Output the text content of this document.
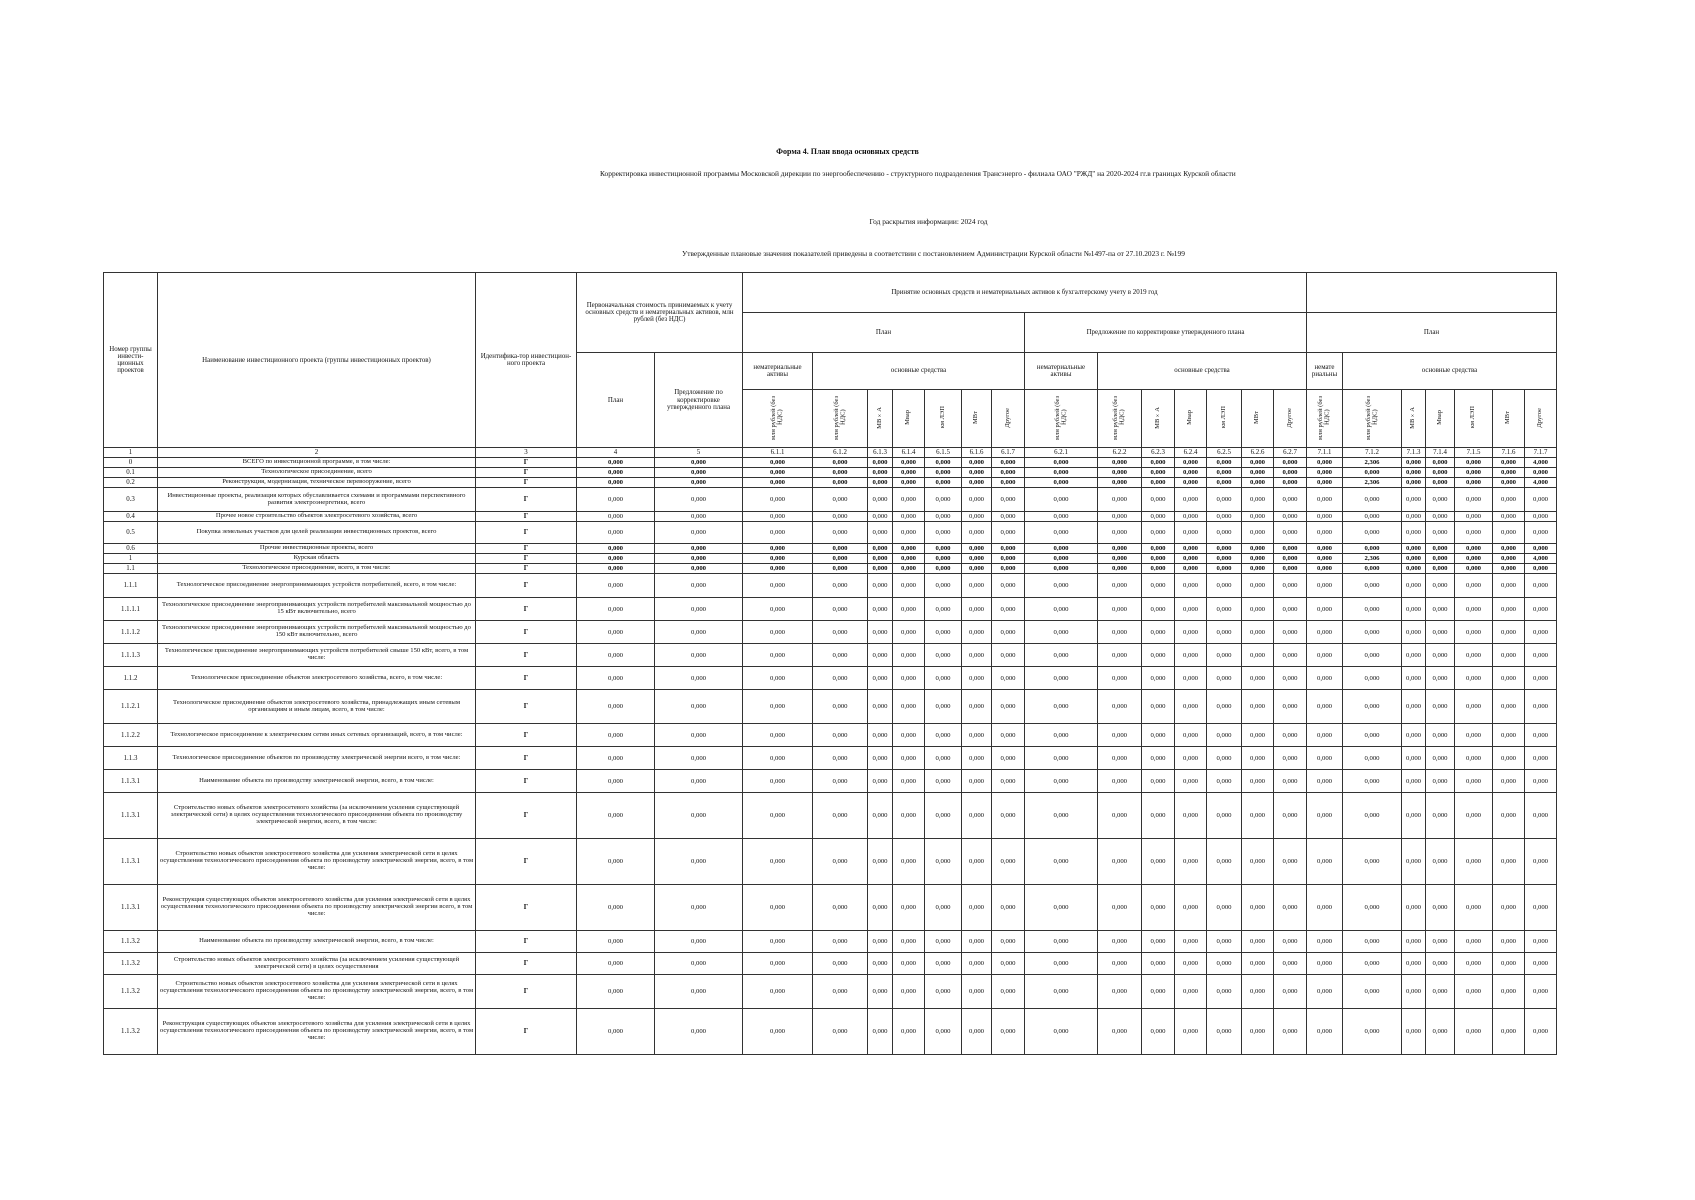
Форма 4. План ввода основных средств
Корректировка инвестиционной программы Московской дирекции по энергообеспечению - структурного подразделения Трансэнерго - филиала ОАО "РЖД" на 2020-2024 гг.в границах Курской области
Год раскрытия информации: 2024 год
Утвержденные плановые значения показателей приведены в соответствии с постановлением Администрации Курской области №1497-па от 27.10.2023 г. №199
Номер группы инвести-ционных проектов	Наименование инвестиционного проекта (группы инвестиционных проектов)	Идентифика-тор инвестицион-ного проекта	Первоначальная стоимость принимаемых к учету основных средств и нематериальных активов, млн рублей (без НДС)		Принятие основных средств и нематериальных активов к бухгалтерскому учету в 2019 год																				
					План							Предложение по корректировке утвержденного плана							План						
			План	Предложение по корректировке утвержденного плана	нематериальные активы	основные средства						нематериальные активы	основные средства						немате риальны	основные средства					
					млн рублей (без НДС)	млн рублей (без НДС)	МВ×А	Мвар	км ЛЭП	МВт	Другое	млн рублей (без НДС)	млн рублей (без НДС)	МВ×А	Мвар	км ЛЭП	МВт	Другое	млн рублей (без НДС)	млн рублей (без НДС)	МВ×А	Мвар	км ЛЭП	МВт	Другое
1	2	3	4	5	6.1.1	6.1.2	6.1.3	6.1.4	6.1.5	6.1.6	6.1.7	6.2.1	6.2.2	6.2.3	6.2.4	6.2.5	6.2.6	6.2.7	7.1.1	7.1.2	7.1.3	7.1.4	7.1.5	7.1.6	7.1.7
0	ВСЕГО по инвестиционной программе, в том числе:	Г	0,000	0,000	0,000	0,000	0,000	0,000	0,000	0,000	0,000	0,000	0,000	0,000	0,000	0,000	0,000	0,000	0,000	2,306	0,000	0,000	0,000	0,000	4,000
0.1	Технологическое присоединение, всего	Г	0,000	0,000	0,000	0,000	0,000	0,000	0,000	0,000	0,000	0,000	0,000	0,000	0,000	0,000	0,000	0,000	0,000	0,000	0,000	0,000	0,000	0,000	0,000
0.2	Реконструкция, модернизация, техническое перевооружение, всего	Г	0,000	0,000	0,000	0,000	0,000	0,000	0,000	0,000	0,000	0,000	0,000	0,000	0,000	0,000	0,000	0,000	0,000	2,306	0,000	0,000	0,000	0,000	4,000
0.3	Инвестиционные проекты, реализация которых обуславливается схемами и программами перспективного развития электроэнергетики, всего	Г	0,000	0,000	0,000	0,000	0,000	0,000	0,000	0,000	0,000	0,000	0,000	0,000	0,000	0,000	0,000	0,000	0,000	0,000	0,000	0,000	0,000	0,000	0,000
0.4	Прочее новое строительство объектов электросетевого хозяйства, всего	Г	0,000	0,000	0,000	0,000	0,000	0,000	0,000	0,000	0,000	0,000	0,000	0,000	0,000	0,000	0,000	0,000	0,000	0,000	0,000	0,000	0,000	0,000	0,000
0.5	Покупка земельных участков для целей реализации инвестиционных проектов, всего	Г	0,000	0,000	0,000	0,000	0,000	0,000	0,000	0,000	0,000	0,000	0,000	0,000	0,000	0,000	0,000	0,000	0,000	0,000	0,000	0,000	0,000	0,000	0,000
0.6	Прочие инвестиционные проекты, всего	Г	0,000	0,000	0,000	0,000	0,000	0,000	0,000	0,000	0,000	0,000	0,000	0,000	0,000	0,000	0,000	0,000	0,000	0,000	0,000	0,000	0,000	0,000	0,000
1	Курская область	Г	0,000	0,000	0,000	0,000	0,000	0,000	0,000	0,000	0,000	0,000	0,000	0,000	0,000	0,000	0,000	0,000	0,000	2,306	0,000	0,000	0,000	0,000	4,000
1.1	Технологическое присоединение, всего, в том числе:	Г	0,000	0,000	0,000	0,000	0,000	0,000	0,000	0,000	0,000	0,000	0,000	0,000	0,000	0,000	0,000	0,000	0,000	0,000	0,000	0,000	0,000	0,000	0,000
1.1.1	Технологическое присоединение энергопринимающих устройств потребителей, всего, в том числе:	Г	0,000	0,000	0,000	0,000	0,000	0,000	0,000	0,000	0,000	0,000	0,000	0,000	0,000	0,000	0,000	0,000	0,000	0,000	0,000	0,000	0,000	0,000	0,000
1.1.1.1	Технологическое присоединение энергопринимающих устройств потребителей максимальной мощностью до 15 кВт включительно, всего	Г	0,000	0,000	0,000	0,000	0,000	0,000	0,000	0,000	0,000	0,000	0,000	0,000	0,000	0,000	0,000	0,000	0,000	0,000	0,000	0,000	0,000	0,000	0,000
1.1.1.2	Технологическое присоединение энергопринимающих устройств потребителей максимальной мощностью до 150 кВт включительно, всего	Г	0,000	0,000	0,000	0,000	0,000	0,000	0,000	0,000	0,000	0,000	0,000	0,000	0,000	0,000	0,000	0,000	0,000	0,000	0,000	0,000	0,000	0,000	0,000
1.1.1.3	Технологическое присоединение энергопринимающих устройств потребителей свыше 150 кВт, всего, в том числе:	Г	0,000	0,000	0,000	0,000	0,000	0,000	0,000	0,000	0,000	0,000	0,000	0,000	0,000	0,000	0,000	0,000	0,000	0,000	0,000	0,000	0,000	0,000	0,000
1.1.2	Технологическое присоединение объектов электросетевого хозяйства, всего, в том числе:	Г	0,000	0,000	0,000	0,000	0,000	0,000	0,000	0,000	0,000	0,000	0,000	0,000	0,000	0,000	0,000	0,000	0,000	0,000	0,000	0,000	0,000	0,000	0,000
1.1.2.1	Технологическое присоединение объектов электросетевого хозяйства, принадлежащих иным сетевым организациям и иным лицам, всего, в том числе:	Г	0,000	0,000	0,000	0,000	0,000	0,000	0,000	0,000	0,000	0,000	0,000	0,000	0,000	0,000	0,000	0,000	0,000	0,000	0,000	0,000	0,000	0,000	0,000
1.1.2.2	Технологическое присоединение к электрическим сетям иных сетевых организаций, всего, в том числе:	Г	0,000	0,000	0,000	0,000	0,000	0,000	0,000	0,000	0,000	0,000	0,000	0,000	0,000	0,000	0,000	0,000	0,000	0,000	0,000	0,000	0,000	0,000	0,000
1.1.3	Технологическое присоединение объектов по производству электрической энергии всего, в том числе:	Г	0,000	0,000	0,000	0,000	0,000	0,000	0,000	0,000	0,000	0,000	0,000	0,000	0,000	0,000	0,000	0,000	0,000	0,000	0,000	0,000	0,000	0,000	0,000
1.1.3.1	Наименование объекта по производству электрической энергии, всего, в том числе:	Г	0,000	0,000	0,000	0,000	0,000	0,000	0,000	0,000	0,000	0,000	0,000	0,000	0,000	0,000	0,000	0,000	0,000	0,000	0,000	0,000	0,000	0,000	0,000
1.1.3.1	Строительство новых объектов электросетевого хозяйства (за исключением усиления существующей электрической сети) в целях осуществления технологического присоединения объекта по производству электрической энергии, всего, в том числе:	Г	0,000	0,000	0,000	0,000	0,000	0,000	0,000	0,000	0,000	0,000	0,000	0,000	0,000	0,000	0,000	0,000	0,000	0,000	0,000	0,000	0,000	0,000	0,000
1.1.3.1	Строительство новых объектов электросетевого хозяйства для усиления электрической сети в целях осуществления технологического присоединения объекта по производству электрической энергии, всего, в том числе:	Г	0,000	0,000	0,000	0,000	0,000	0,000	0,000	0,000	0,000	0,000	0,000	0,000	0,000	0,000	0,000	0,000	0,000	0,000	0,000	0,000	0,000	0,000	0,000
1.1.3.1	Реконструкция существующих объектов электросетевого хозяйства для усиления электрической сети в целях осуществления технологического присоединения объекта по производству электрической энергии всего, в том числе:	Г	0,000	0,000	0,000	0,000	0,000	0,000	0,000	0,000	0,000	0,000	0,000	0,000	0,000	0,000	0,000	0,000	0,000	0,000	0,000	0,000	0,000	0,000	0,000
1.1.3.2	Наименование объекта по производству электрической энергии, всего, в том числе:	Г	0,000	0,000	0,000	0,000	0,000	0,000	0,000	0,000	0,000	0,000	0,000	0,000	0,000	0,000	0,000	0,000	0,000	0,000	0,000	0,000	0,000	0,000	0,000
1.1.3.2	Строительство новых объектов электросетевого хозяйства (за исключением усиления существующей электрической сети) в целях осуществления	Г	0,000	0,000	0,000	0,000	0,000	0,000	0,000	0,000	0,000	0,000	0,000	0,000	0,000	0,000	0,000	0,000	0,000	0,000	0,000	0,000	0,000	0,000	0,000
1.1.3.2	Строительство новых объектов электросетевого хозяйства для усиления электрической сети в целях осуществления технологического присоединения объекта по производству электрической энергии, всего, в том числе:	Г	0,000	0,000	0,000	0,000	0,000	0,000	0,000	0,000	0,000	0,000	0,000	0,000	0,000	0,000	0,000	0,000	0,000	0,000	0,000	0,000	0,000	0,000	0,000
1.1.3.2	Реконструкция существующих объектов электросетевого хозяйства для усиления электрической сети в целях осуществления технологического присоединения объекта по производству электрической энергии, всего, в том числе:	Г	0,000	0,000	0,000	0,000	0,000	0,000	0,000	0,000	0,000	0,000	0,000	0,000	0,000	0,000	0,000	0,000	0,000	0,000	0,000	0,000	0,000	0,000	0,000
